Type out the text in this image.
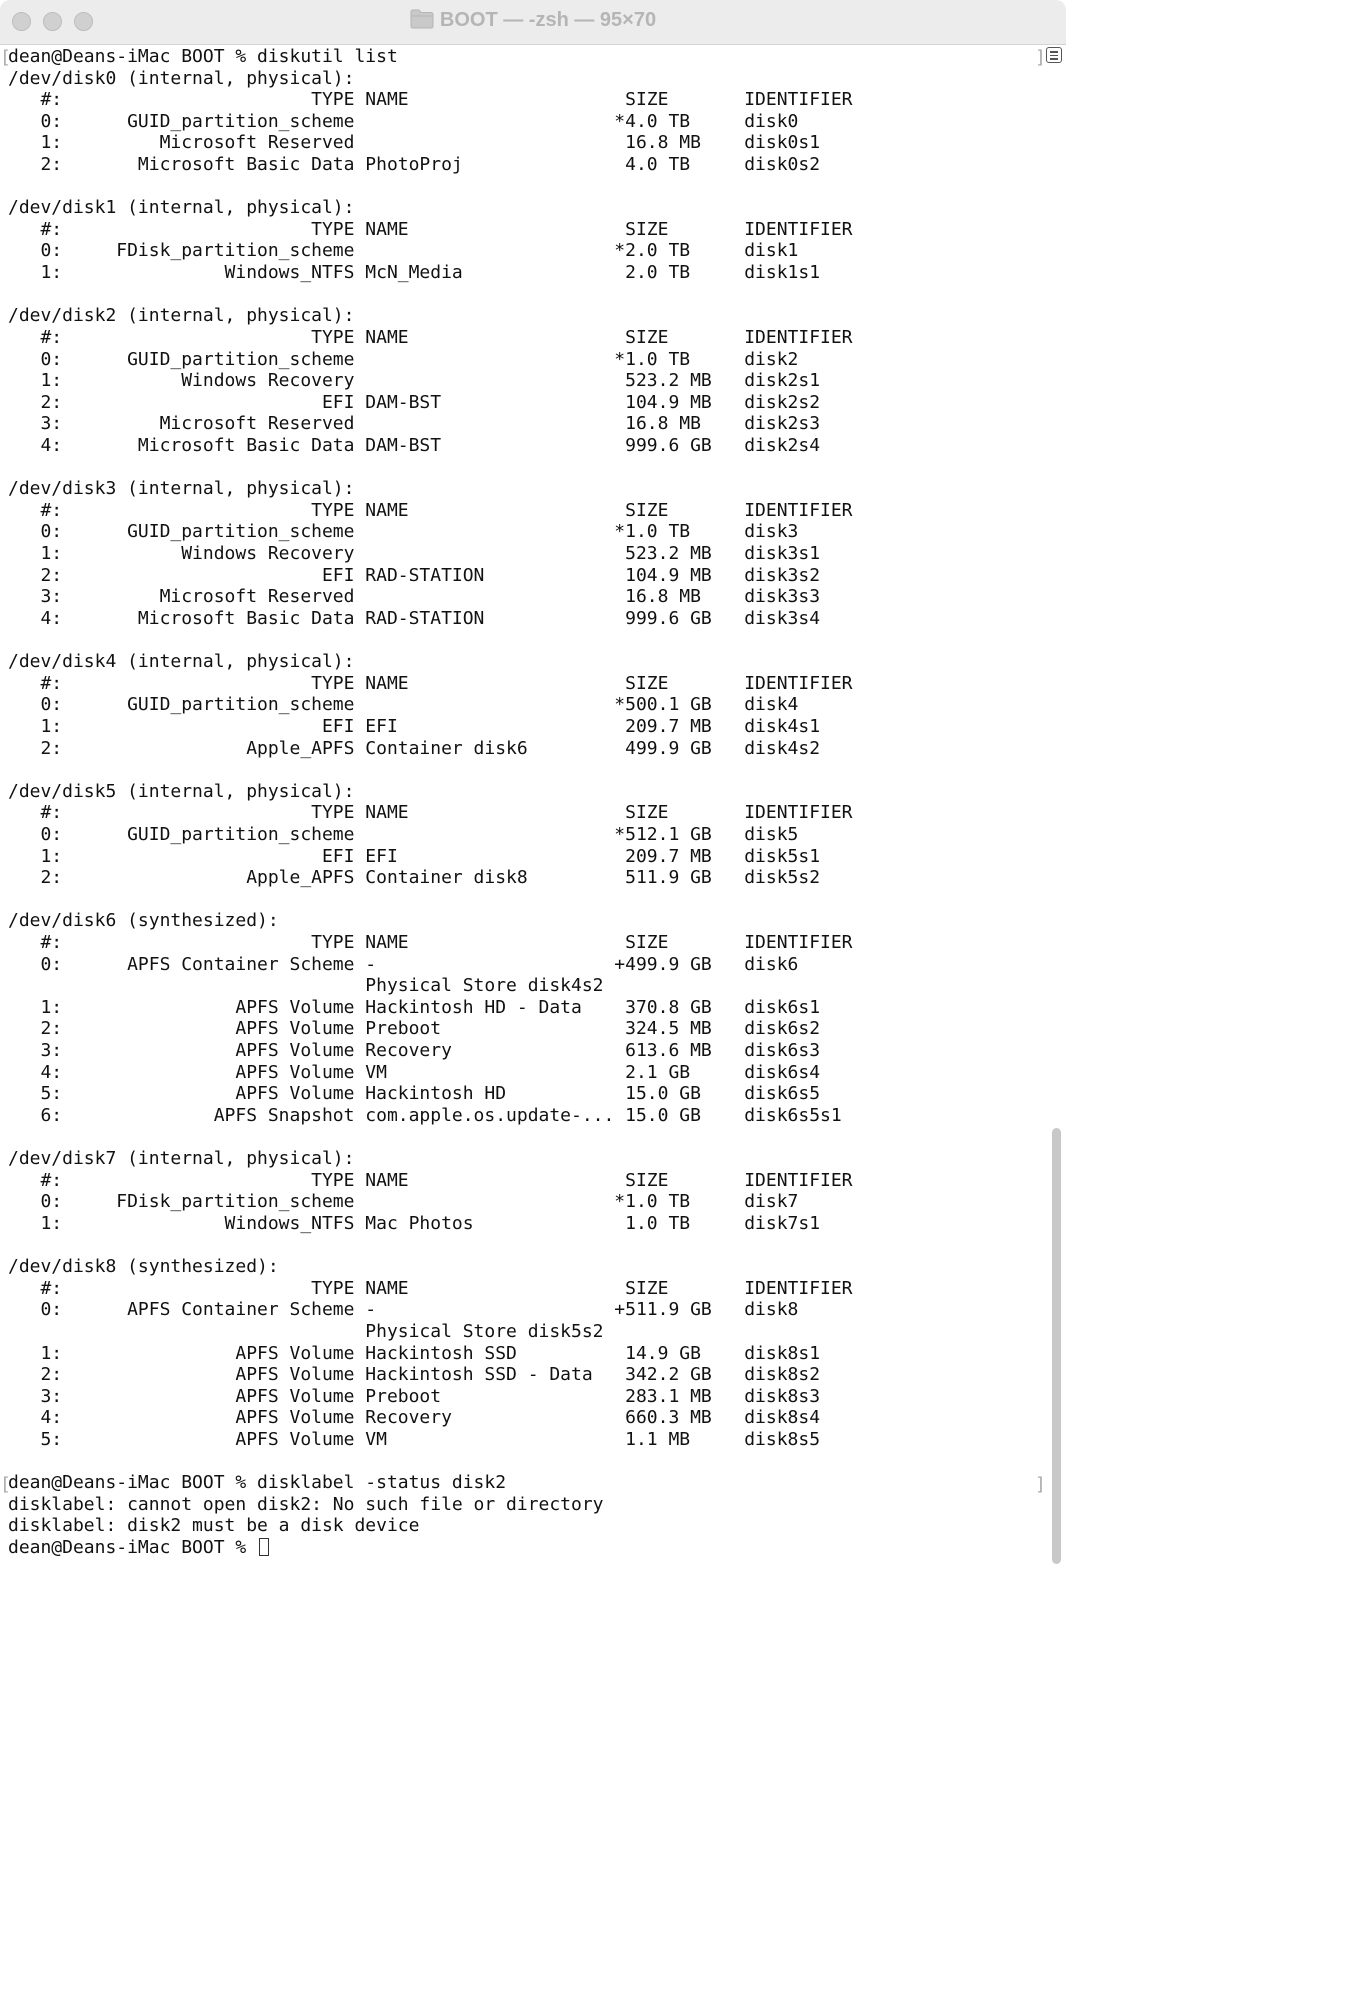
BOOT — -zsh — 95×70
[	]
[	]
dean@Deans-iMac BOOT % diskutil list
/dev/disk0 (internal, physical):
#:                       TYPE NAME                    SIZE       IDENTIFIER
0:      GUID_partition_scheme                        *4.0 TB     disk0
1:         Microsoft Reserved                         16.8 MB    disk0s1
2:       Microsoft Basic Data PhotoProj               4.0 TB     disk0s2

/dev/disk1 (internal, physical):
#:                       TYPE NAME                    SIZE       IDENTIFIER
0:     FDisk_partition_scheme                        *2.0 TB     disk1
1:               Windows_NTFS McN_Media               2.0 TB     disk1s1

/dev/disk2 (internal, physical):
#:                       TYPE NAME                    SIZE       IDENTIFIER
0:      GUID_partition_scheme                        *1.0 TB     disk2
1:           Windows Recovery                         523.2 MB   disk2s1
2:                        EFI DAM-BST                 104.9 MB   disk2s2
3:         Microsoft Reserved                         16.8 MB    disk2s3
4:       Microsoft Basic Data DAM-BST                 999.6 GB   disk2s4

/dev/disk3 (internal, physical):
#:                       TYPE NAME                    SIZE       IDENTIFIER
0:      GUID_partition_scheme                        *1.0 TB     disk3
1:           Windows Recovery                         523.2 MB   disk3s1
2:                        EFI RAD-STATION             104.9 MB   disk3s2
3:         Microsoft Reserved                         16.8 MB    disk3s3
4:       Microsoft Basic Data RAD-STATION             999.6 GB   disk3s4

/dev/disk4 (internal, physical):
#:                       TYPE NAME                    SIZE       IDENTIFIER
0:      GUID_partition_scheme                        *500.1 GB   disk4
1:                        EFI EFI                     209.7 MB   disk4s1
2:                 Apple_APFS Container disk6         499.9 GB   disk4s2

/dev/disk5 (internal, physical):
#:                       TYPE NAME                    SIZE       IDENTIFIER
0:      GUID_partition_scheme                        *512.1 GB   disk5
1:                        EFI EFI                     209.7 MB   disk5s1
2:                 Apple_APFS Container disk8         511.9 GB   disk5s2

/dev/disk6 (synthesized):
#:                       TYPE NAME                    SIZE       IDENTIFIER
0:      APFS Container Scheme -                      +499.9 GB   disk6
Physical Store disk4s2
1:                APFS Volume Hackintosh HD - Data    370.8 GB   disk6s1
2:                APFS Volume Preboot                 324.5 MB   disk6s2
3:                APFS Volume Recovery                613.6 MB   disk6s3
4:                APFS Volume VM                      2.1 GB     disk6s4
5:                APFS Volume Hackintosh HD           15.0 GB    disk6s5
6:              APFS Snapshot com.apple.os.update-... 15.0 GB    disk6s5s1

/dev/disk7 (internal, physical):
#:                       TYPE NAME                    SIZE       IDENTIFIER
0:     FDisk_partition_scheme                        *1.0 TB     disk7
1:               Windows_NTFS Mac Photos              1.0 TB     disk7s1

/dev/disk8 (synthesized):
#:                       TYPE NAME                    SIZE       IDENTIFIER
0:      APFS Container Scheme -                      +511.9 GB   disk8
Physical Store disk5s2
1:                APFS Volume Hackintosh SSD          14.9 GB    disk8s1
2:                APFS Volume Hackintosh SSD - Data   342.2 GB   disk8s2
3:                APFS Volume Preboot                 283.1 MB   disk8s3
4:                APFS Volume Recovery                660.3 MB   disk8s4
5:                APFS Volume VM                      1.1 MB     disk8s5

dean@Deans-iMac BOOT % disklabel -status disk2
disklabel: cannot open disk2: No such file or directory
disklabel: disk2 must be a disk device
dean@Deans-iMac BOOT %
